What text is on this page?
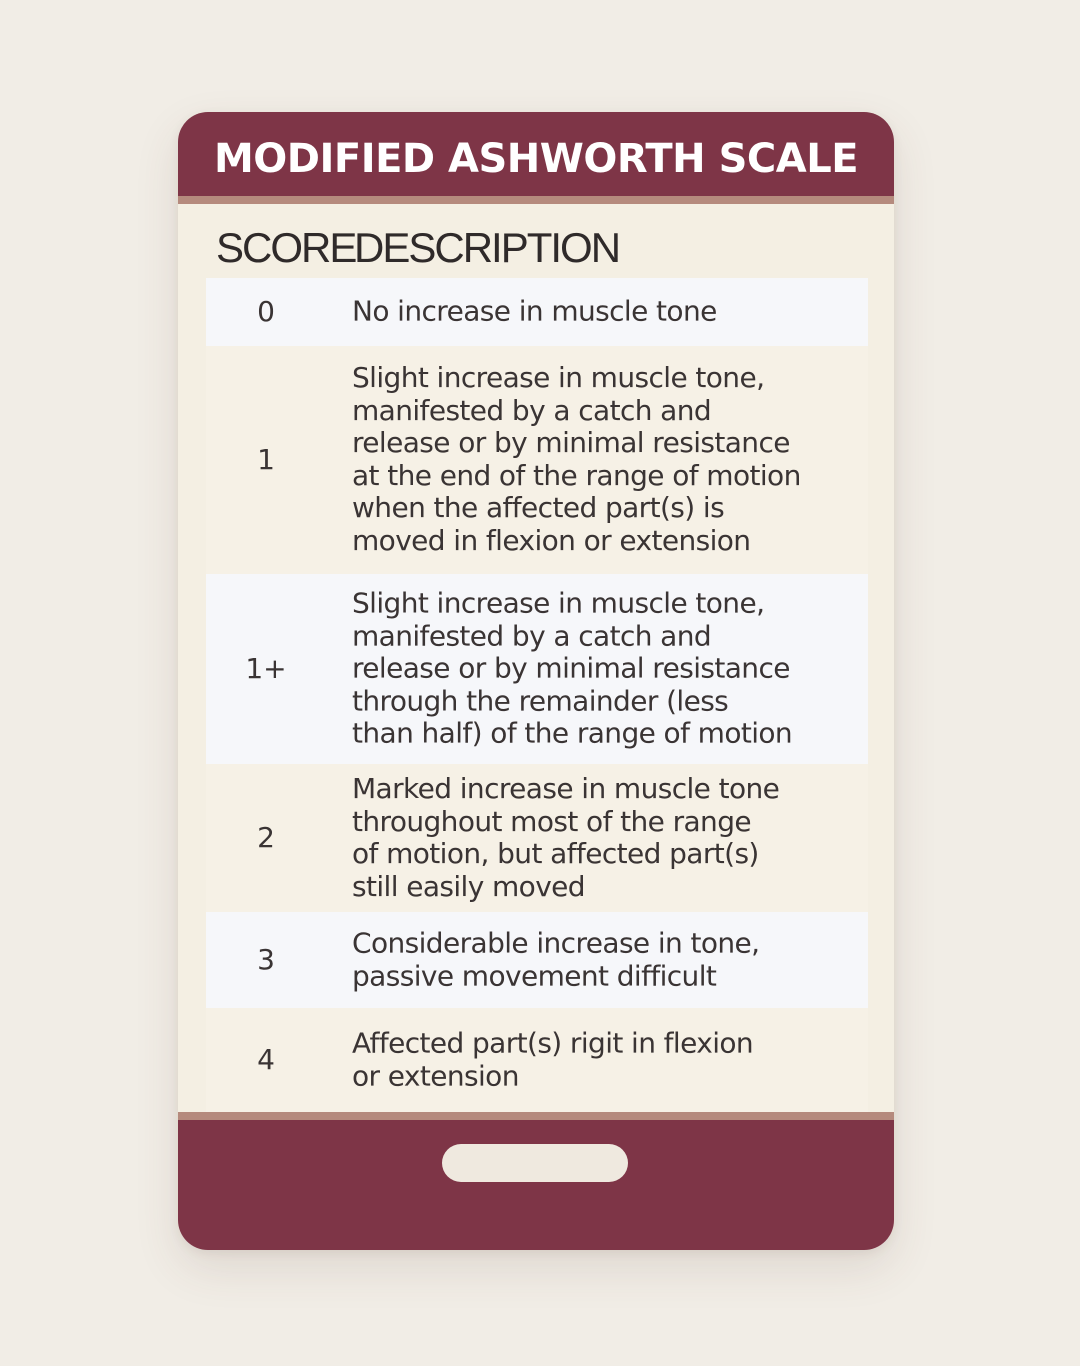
MODIFIED ASHWORTH SCALE
SCORE
DESCRIPTION
0	No increase in muscle tone
1
Slight increase in muscle tone,
manifested by a catch and
release or by minimal resistance
at the end of the range of motion
when the affected part(s) is
moved in flexion or extension
1+
Slight increase in muscle tone,
manifested by a catch and
release or by minimal resistance
through the remainder (less
than half) of the range of motion
2
Marked increase in muscle tone
throughout most of the range
of motion, but affected part(s)
still easily moved
3
Considerable increase in tone,
passive movement difficult
4
Affected part(s) rigit in flexion
or extension
